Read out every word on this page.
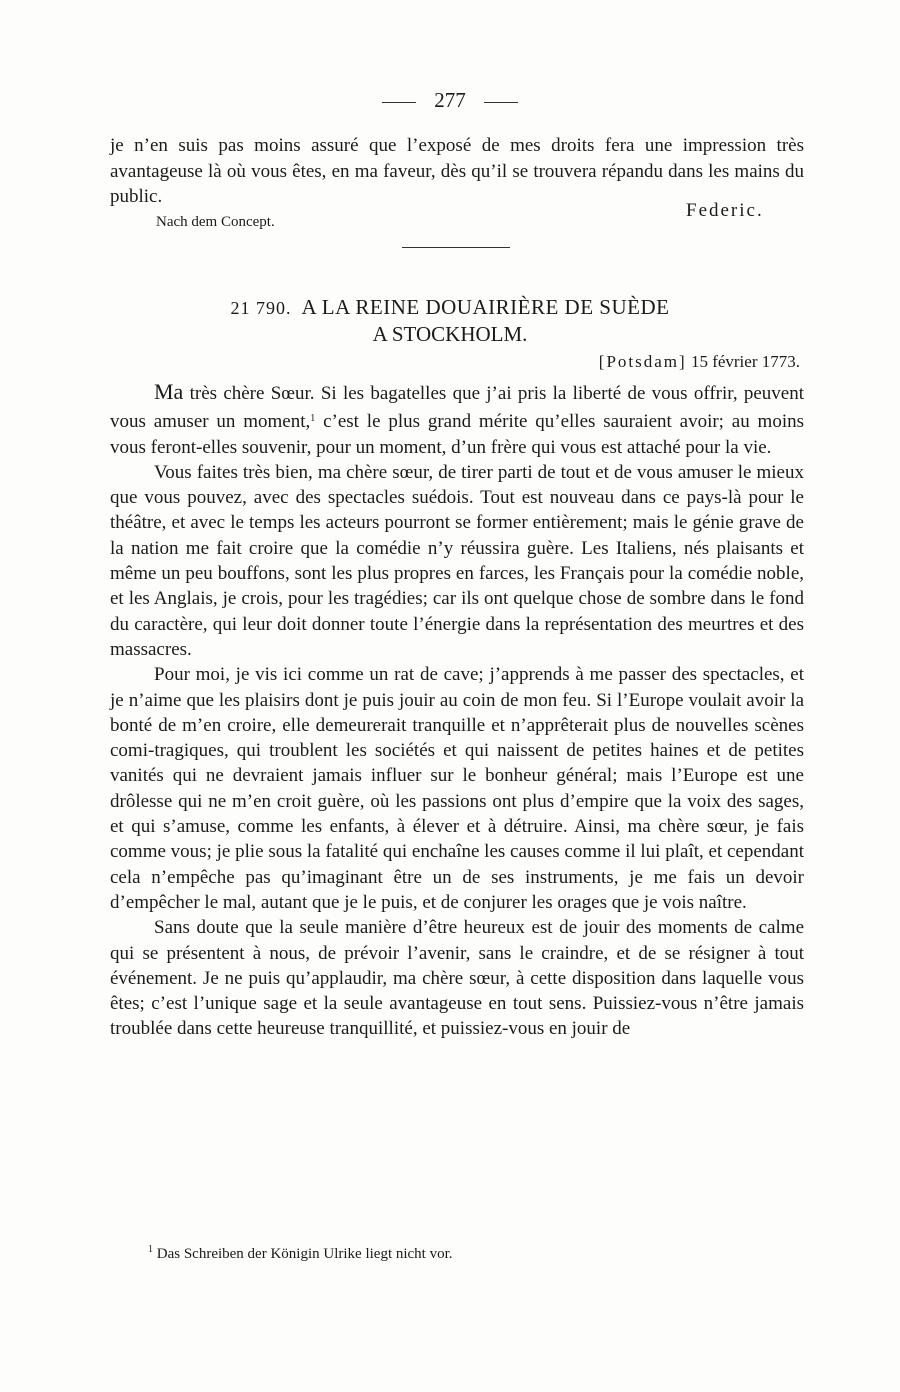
277
je n’en suis pas moins assuré que l’exposé de mes droits fera une impression très avantageuse là où vous êtes, en ma faveur, dès qu’il se trouvera répandu dans les mains du public.
Nach dem Concept.
Federic.
21 790. A LA REINE DOUAIRIÈRE DE SUÈDE
A STOCKHOLM.
[Potsdam] 15 février 1773.

Ma très chère Sœur. Si les bagatelles que j’ai pris la liberté de vous offrir, peuvent vous amuser un moment,$^1$ c’est le plus grand mérite qu’elles sauraient avoir; au moins vous feront-elles souvenir, pour un moment, d’un frère qui vous est attaché pour la vie.

Vous faites très bien, ma chère sœur, de tirer parti de tout et de vous amuser le mieux que vous pouvez, avec des spectacles suédois. Tout est nouveau dans ce pays-là pour le théâtre, et avec le temps les acteurs pourront se former entièrement; mais le génie grave de la nation me fait croire que la comédie n’y réussira guère. Les Italiens, nés plaisants et même un peu bouffons, sont les plus propres en farces, les Français pour la comédie noble, et les Anglais, je crois, pour les tragédies; car ils ont quelque chose de sombre dans le fond du caractère, qui leur doit donner toute l’énergie dans la représentation des meurtres et des massacres.

Pour moi, je vis ici comme un rat de cave; j’apprends à me passer des spectacles, et je n’aime que les plaisirs dont je puis jouir au coin de mon feu. Si l’Europe voulait avoir la bonté de m’en croire, elle demeurerait tranquille et n’apprêterait plus de nouvelles scènes comi-tragiques, qui troublent les sociétés et qui naissent de petites haines et de petites vanités qui ne devraient jamais influer sur le bonheur général; mais l’Europe est une drôlesse qui ne m’en croit guère, où les passions ont plus d’empire que la voix des sages, et qui s’amuse, comme les enfants, à élever et à détruire. Ainsi, ma chère sœur, je fais comme vous; je plie sous la fatalité qui enchaîne les causes comme il lui plaît, et cependant cela n’empêche pas qu’imaginant être un de ses instruments, je me fais un devoir d’empêcher le mal, autant que je le puis, et de conjurer les orages que je vois naître.

Sans doute que la seule manière d’être heureux est de jouir des moments de calme qui se présentent à nous, de prévoir l’avenir, sans le craindre, et de se résigner à tout événement. Je ne puis qu’applaudir, ma chère sœur, à cette disposition dans laquelle vous êtes; c’est l’unique sage et la seule avantageuse en tout sens. Puissiez-vous n’être jamais troublée dans cette heureuse tranquillité, et puissiez-vous en jouir de

$^1$ Das Schreiben der Königin Ulrike liegt nicht vor.
